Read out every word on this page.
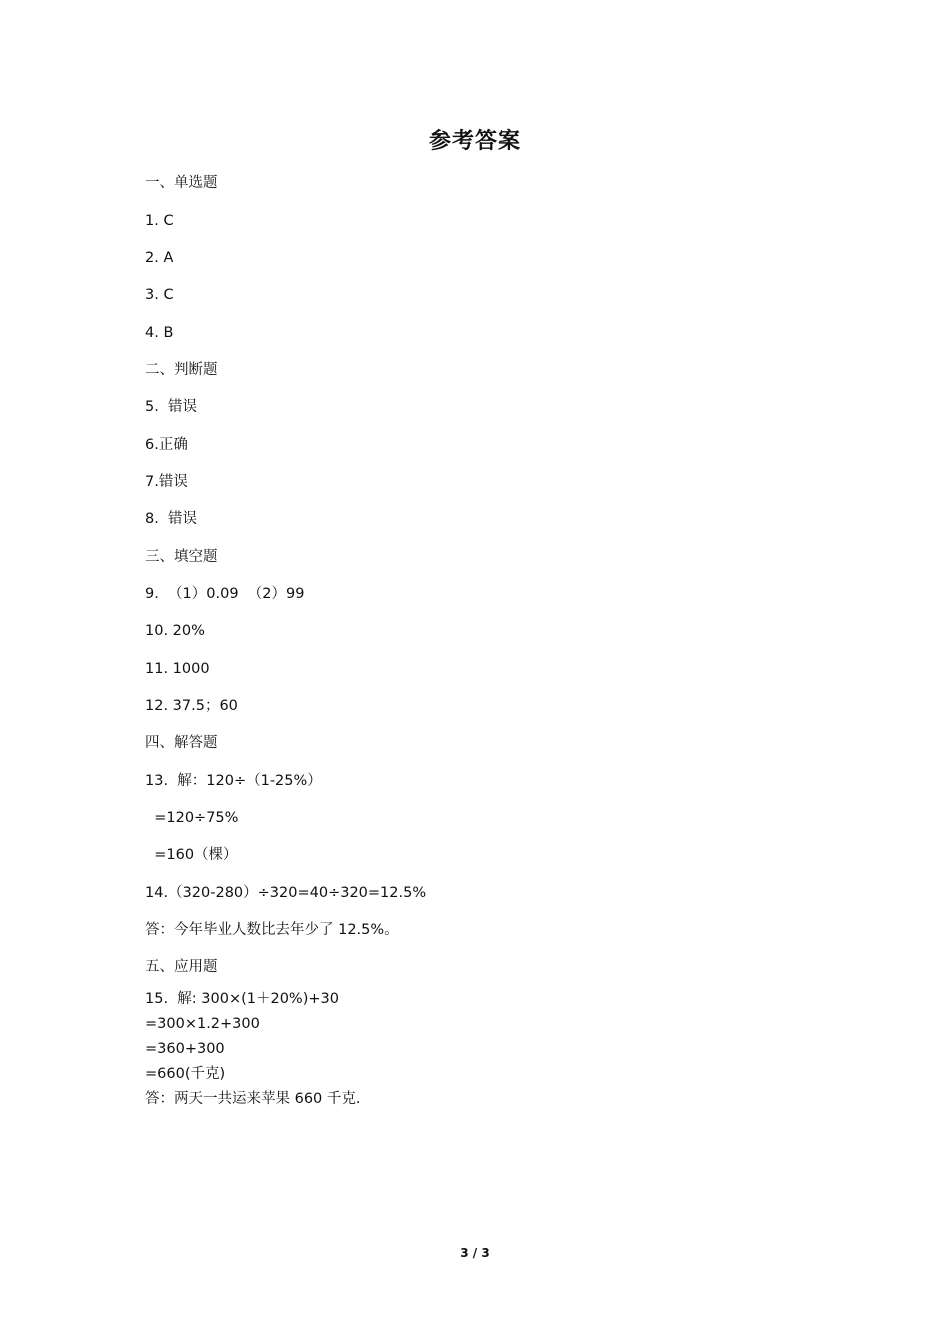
参考答案
一、单选题
1. C
2. A
3. C
4. B
二、判断题
5.  错误
6.正确
7.错误
8.  错误
三、填空题
9.  （1）0.09  （2）99
10. 20%
11. 1000
12. 37.5；60
四、解答题
13.  解：120÷（1-25%）
=120÷75%
=160（棵）
14.（320-280）÷320=40÷320=12.5%
答：今年毕业人数比去年少了 12.5%。
五、应用题
15.  解: 300×(1＋20%)+30
=300×1.2+300
=360+300
=660(千克)
答：两天一共运来苹果 660 千克.
3 / 3
